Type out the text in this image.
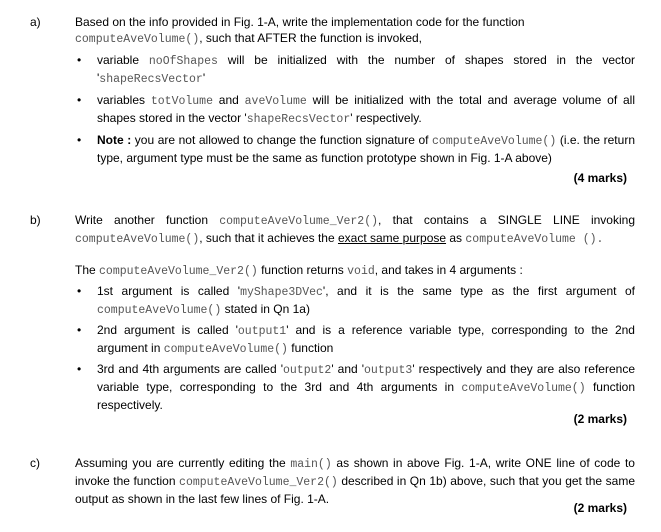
a)	Based on the info provided in Fig. 1-A, write the implementation code for the function
computeAveVolume(), such that AFTER the function is invoked,
• variable noOfShapes will be initialized with the number of shapes stored in the vector 'shapeRecsVector'
• variables totVolume and aveVolume will be initialized with the total and average volume of all shapes stored in the vector 'shapeRecsVector' respectively.
• Note : you are not allowed to change the function signature of computeAveVolume() (i.e. the return type, argument type must be the same as function prototype shown in Fig. 1-A above)
(4 marks)
b)	Write another function computeAveVolume_Ver2(), that contains a SINGLE LINE invoking computeAveVolume(), such that it achieves the exact same purpose as computeAveVolume ().
The computeAveVolume_Ver2() function returns void, and takes in 4 arguments :
• 1st argument is called 'myShape3DVec', and it is the same type as the first argument of computeAveVolume() stated in Qn 1a)
• 2nd argument is called 'output1' and is a reference variable type, corresponding to the 2nd argument in computeAveVolume() function
• 3rd and 4th arguments are called 'output2' and 'output3' respectively and they are also reference variable type, corresponding to the 3rd and 4th arguments in computeAveVolume() function respectively.
(2 marks)
c)	Assuming you are currently editing the main() as shown in above Fig. 1-A, write ONE line of code to invoke the function computeAveVolume_Ver2() described in Qn 1b) above, such that you get the same output as shown in the last few lines of Fig. 1-A.
(2 marks)
